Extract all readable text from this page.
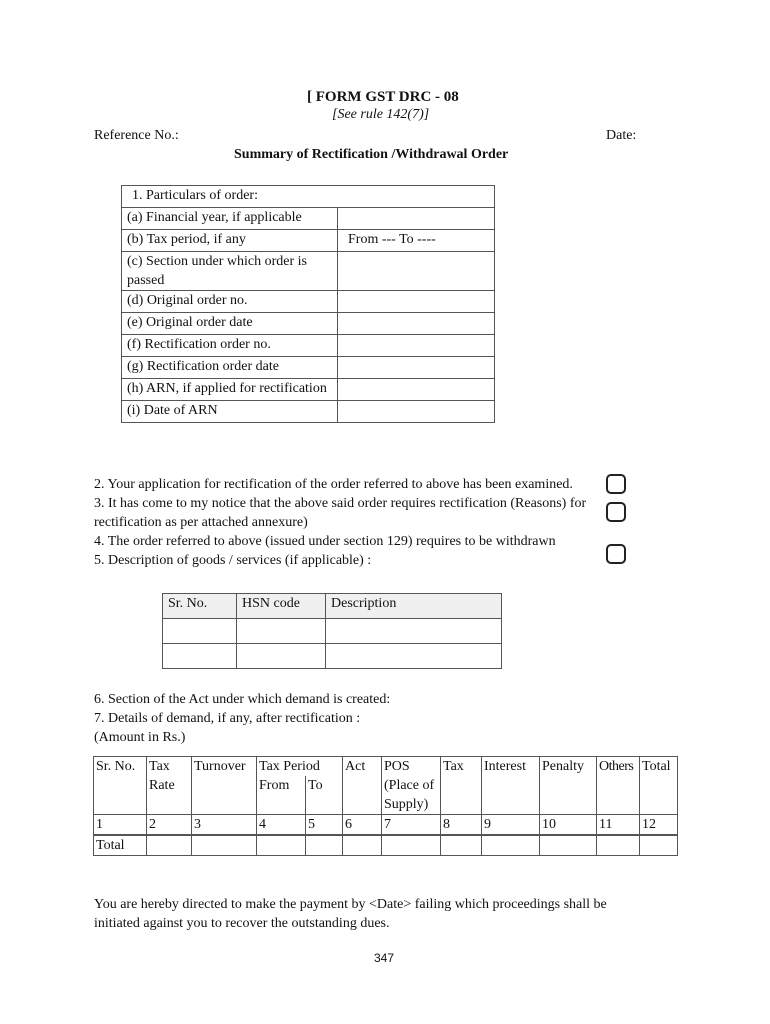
[ FORM GST DRC - 08
[See rule 142(7)]
Reference No.:	Date:
Summary of Rectification /Withdrawal Order
1. Particulars of order:	
(a) Financial year, if applicable	
(b) Tax period, if any	From --- To ----
(c) Section under which order is passed	
(d) Original order no.	
(e) Original order date	
(f) Rectification order no.	
(g) Rectification order date	
(h) ARN, if applied for rectification	
(i) Date of ARN	
2. Your application for rectification of the order referred to above has been examined.
3. It has come to my notice that the above said order requires rectification (Reasons) for
rectification as per attached annexure)
4. The order referred to above (issued under section 129) requires to be withdrawn
5. Description of goods / services (if applicable) :
Sr. No.	HSN code	Description

6. Section of the Act under which demand is created:
7. Details of demand, if any, after rectification :
(Amount in Rs.)
Sr. No.	Tax Rate	Turnover	Tax Period		Act	POS (Place of Supply)	Tax	Interest	Penalty	Others	Total
			From	To							
1	2	3	4	5	6	7	8	9	10	11	12

Total											
You are hereby directed to make the payment by <Date> failing which proceedings shall be
initiated against you to recover the outstanding dues.
347
